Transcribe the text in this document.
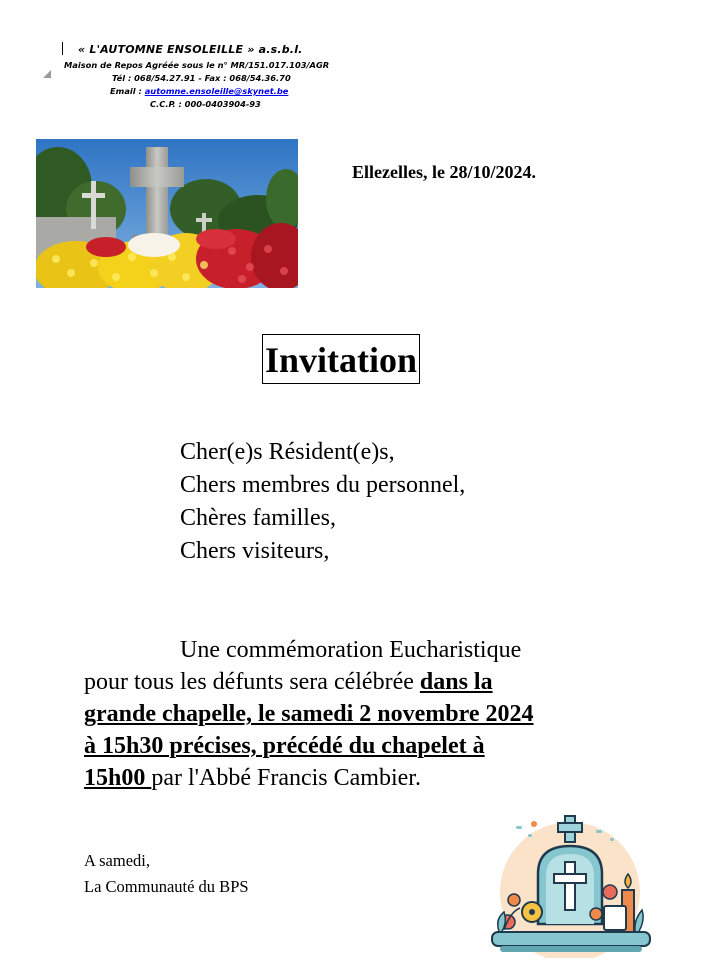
« L'AUTOMNE ENSOLEILLE » a.s.b.l.
Maison de Repos Agréée sous le n° MR/151.017.103/AGR
Tél : 068/54.27.91 - Fax : 068/54.36.70
Email : automne.ensoleille@skynet.be
C.C.P. : 000-0403904-93
Ellezelles, le 28/10/2024.
Invitation
Cher(e)s Résident(e)s,
Chers membres du personnel,
Chères familles,
Chers visiteurs,
Une commémoration Eucharistique
pour tous les défunts sera célébrée dans la
grande chapelle, le samedi 2 novembre 2024
à 15h30 précises, précédé du chapelet à
15h00 par l'Abbé Francis Cambier.
A samedi,
La Communauté du BPS
